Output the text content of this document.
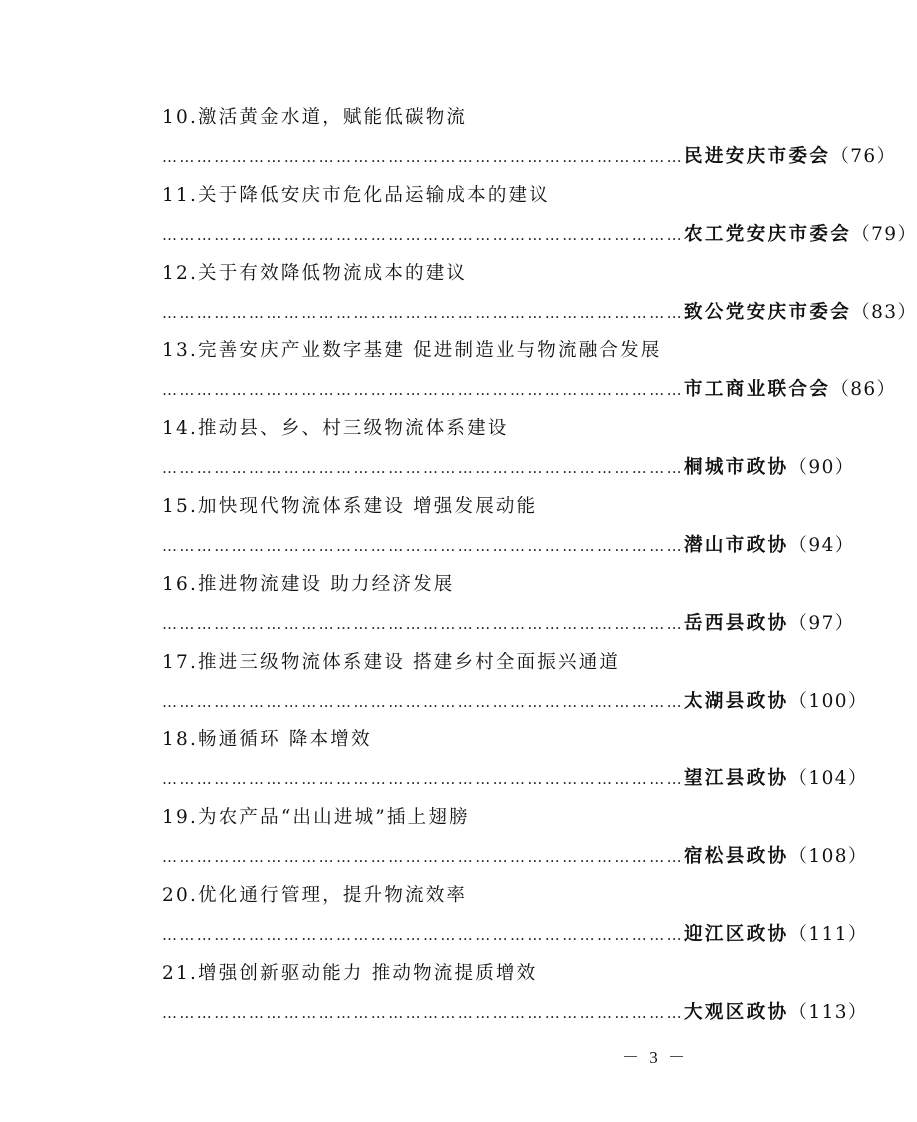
10.激活黄金水道，赋能低碳物流
……………………………………………………………………………… 民进安庆市委会 （76）
11.关于降低安庆市危化品运输成本的建议
……………………………………………………………………………… 农工党安庆市委会 （79）
12.关于有效降低物流成本的建议
……………………………………………………………………………… 致公党安庆市委会 （83）
13.完善安庆产业数字基建 促进制造业与物流融合发展
……………………………………………………………………………… 市工商业联合会 （86）
14.推动县、乡、村三级物流体系建设
……………………………………………………………………………… 桐城市政协 （90）
15.加快现代物流体系建设 增强发展动能
……………………………………………………………………………… 潜山市政协 （94）
16.推进物流建设 助力经济发展
……………………………………………………………………………… 岳西县政协 （97）
17.推进三级物流体系建设 搭建乡村全面振兴通道
……………………………………………………………………………… 太湖县政协 （100）
18.畅通循环 降本增效
……………………………………………………………………………… 望江县政协 （104）
19.为农产品“出山进城”插上翅膀
……………………………………………………………………………… 宿松县政协 （108）
20.优化通行管理，提升物流效率
……………………………………………………………………………… 迎江区政协 （111）
21.增强创新驱动能力 推动物流提质增效
……………………………………………………………………………… 大观区政协 （113）
－ 3 －
